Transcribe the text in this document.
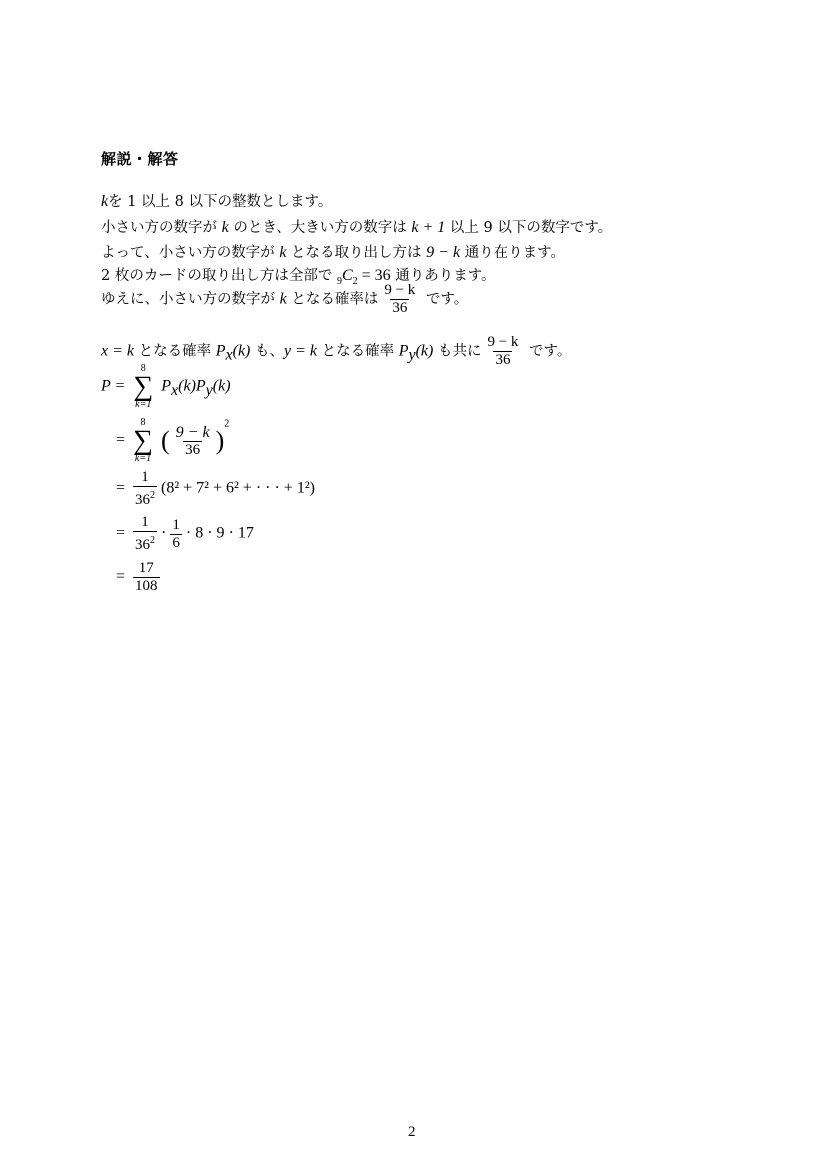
解説・解答
kを 1 以上 8 以下の整数とします。
小さい方の数字が k のとき、大きい方の数字は k + 1 以上 9 以下の数字です。
よって、小さい方の数字が k となる取り出し方は 9 − k 通り在ります。
2 枚のカードの取り出し方は全部で $_9C_2 = 36$ 通りあります。
ゆえに、小さい方の数字が k となる確率は $\frac{9 - k}{36}$ です。
x = k となる確率 $P_x(k)$ も、y = k となる確率 $P_y(k)$ も共に $\frac{9 - k}{36}$ です。
P =
8
∑
k=1
$P_x(k)P_y(k)$
=
8
∑
k=1
( $\frac{9 - k}{36} )^2$
= $\frac{1}{36^2} (8^2 + 7^2 + 6^2$ + · · · + 1²)
= $\frac{1}{36^2} \cdot \frac{1}{6} \cdot 8 \cdot 9 \cdot 17$
= $\frac{17}{108}$
2
